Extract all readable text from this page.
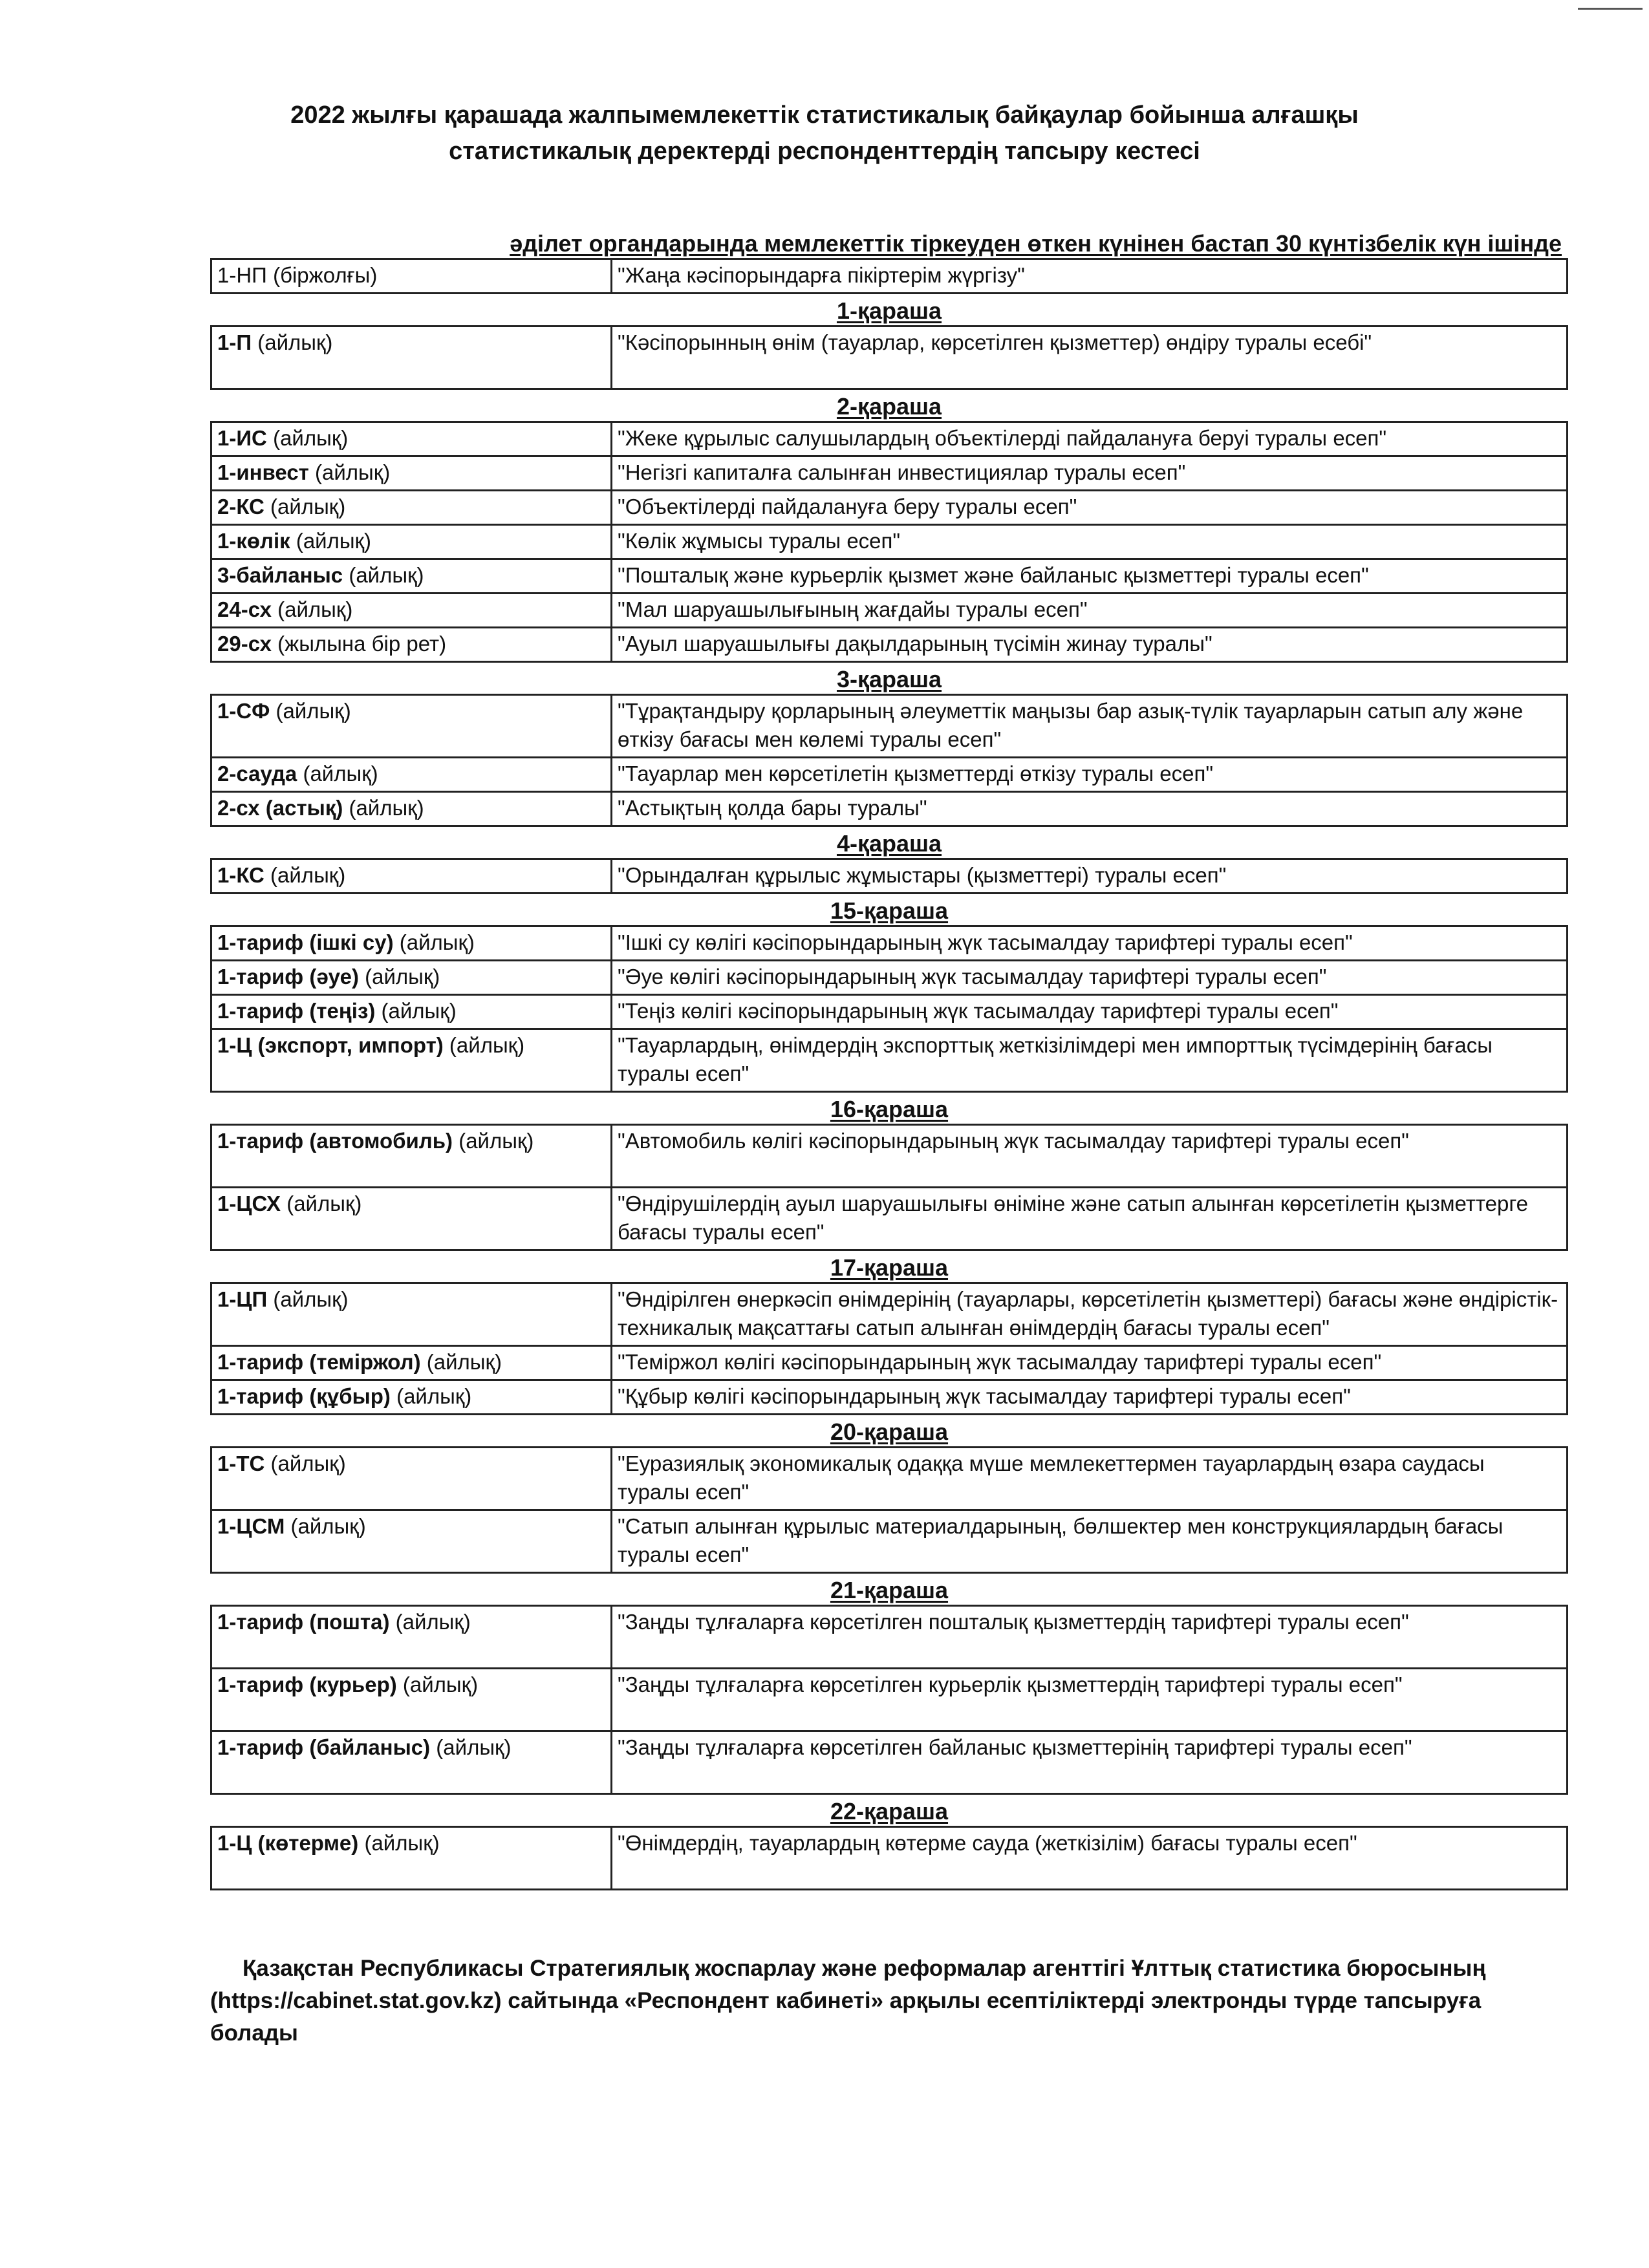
2022 жылғы қарашада жалпымемлекеттік статистикалық байқаулар бойынша алғашқы
статистикалық деректерді респонденттердің тапсыру кестесі
әділет органдарында мемлекеттік тіркеуден өткен күнінен бастап 30 күнтізбелік күн ішінде
1-НП (біржолғы)	"Жаңа кәсіпорындарға пікіртерім жүргізу"
1-қараша
1-П (айлық)	"Кәсіпорынның өнім (тауарлар, көрсетілген қызметтер) өндіру туралы есебі"
2-қараша
1-ИС (айлық)	"Жеке құрылыс салушылардың объектілерді пайдалануға беруі туралы есеп"
1-инвест (айлық)	"Негізгі капиталға салынған инвестициялар туралы есеп"
2-КС (айлық)	"Объектілерді пайдалануға беру туралы есеп"
1-көлік (айлық)	"Көлік жұмысы туралы есеп"
3-байланыс (айлық)	"Пошталық және курьерлік қызмет және байланыс қызметтері туралы есеп"
24-сх (айлық)	"Мал шаруашылығының жағдайы туралы есеп"
29-сх (жылына бір рет)	"Ауыл шаруашылығы дақылдарының түсімін жинау туралы"
3-қараша
1-СФ (айлық)	"Тұрақтандыру қорларының әлеуметтік маңызы бар азық-түлік тауарларын сатып алу және өткізу бағасы мен көлемі туралы есеп"
2-сауда (айлық)	"Тауарлар мен көрсетілетін қызметтерді өткізу туралы есеп"
2-сх (астық) (айлық)	"Астықтың қолда бары туралы"
4-қараша
1-КС (айлық)	"Орындалған құрылыс жұмыстары (қызметтері) туралы есеп"
15-қараша
1-тариф (ішкі су) (айлық)	"Ішкі су көлігі кәсіпорындарының жүк тасымалдау тарифтері туралы есеп"
1-тариф (әуе) (айлық)	"Әуе көлігі кәсіпорындарының жүк тасымалдау тарифтері туралы есеп"
1-тариф (теңіз) (айлық)	"Теңіз көлігі кәсіпорындарының жүк тасымалдау тарифтері туралы есеп"
1-Ц (экспорт, импорт) (айлық)	"Тауарлардың, өнімдердің экспорттық жеткізілімдері мен импорттық түсімдерінің бағасы туралы есеп"
16-қараша
1-тариф (автомобиль) (айлық)	"Автомобиль көлігі кәсіпорындарының жүк тасымалдау тарифтері туралы есеп"
1-ЦСХ (айлық)	"Өндірушілердің ауыл шаруашылығы өніміне және сатып алынған көрсетілетін қызметтерге бағасы туралы есеп"
17-қараша
1-ЦП (айлық)	"Өндірілген өнеркәсіп өнімдерінің (тауарлары, көрсетілетін қызметтері) бағасы және өндірістік-техникалық мақсаттағы сатып алынған өнімдердің бағасы туралы есеп"
1-тариф (теміржол) (айлық)	"Теміржол көлігі кәсіпорындарының жүк тасымалдау тарифтері туралы есеп"
1-тариф (құбыр) (айлық)	"Құбыр көлігі кәсіпорындарының жүк тасымалдау тарифтері туралы есеп"
20-қараша
1-ТС (айлық)	"Еуразиялық экономикалық одаққа мүше мемлекеттермен тауарлардың өзара саудасы туралы есеп"
1-ЦСМ (айлық)	"Сатып алынған құрылыс материалдарының, бөлшектер мен конструкциялардың бағасы туралы есеп"
21-қараша
1-тариф (пошта) (айлық)	"Заңды тұлғаларға көрсетілген пошталық қызметтердің тарифтері туралы есеп"
1-тариф (курьер) (айлық)	"Заңды тұлғаларға көрсетілген курьерлік қызметтердің тарифтері туралы есеп"
1-тариф (байланыс) (айлық)	"Заңды тұлғаларға көрсетілген байланыс қызметтерінің тарифтері туралы есеп"
22-қараша
1-Ц (көтерме) (айлық)	"Өнімдердің, тауарлардың көтерме сауда (жеткізілім) бағасы туралы есеп"
Қазақстан Республикасы Стратегиялық жоспарлау және реформалар агенттігі Ұлттық статистика бюросының (https://cabinet.stat.gov.kz) сайтында «Респондент кабинеті» арқылы есептіліктерді электронды түрде тапсыруға болады
